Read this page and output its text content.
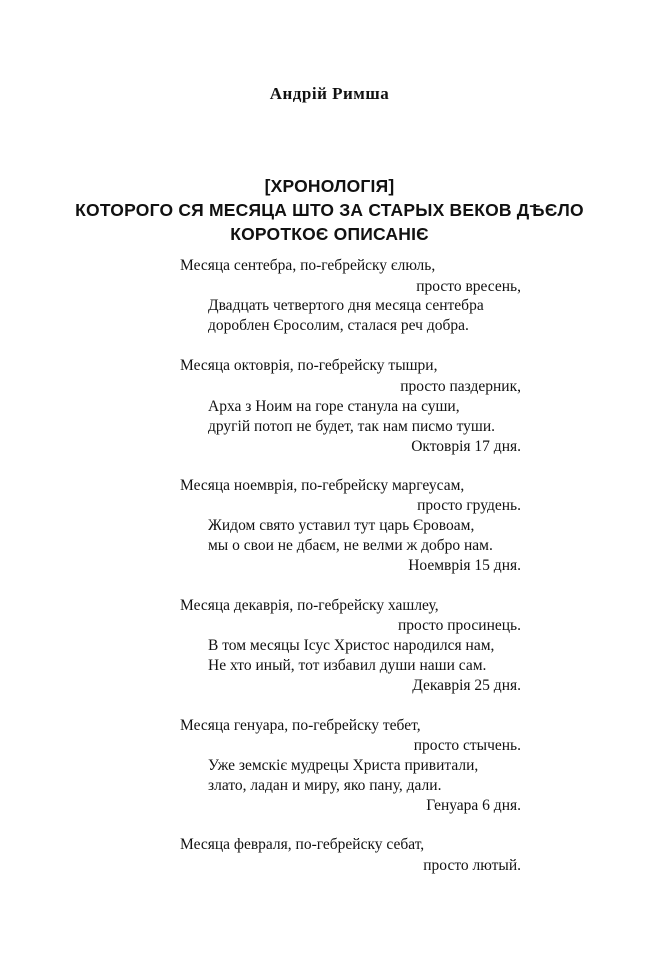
Андрій Римша
[ХРОНОЛОГІЯ]
КОТОРОГО СЯ МЕСЯЦА ШТО ЗА СТАРЫХ ВЕКОВ ДѢЄЛО
КОРОТКОЄ ОПИСАНІЄ
Месяца сентебра, по-гебрейску єлюль,
просто вресень,
Двадцать четвертого дня месяца сентебра
дороблен Єросолим, сталася реч добра.
Месяца октоврія, по-гебрейску тышри,
просто паздерник,
Арха з Ноим на горе станула на суши,
другій потоп не будет, так нам писмо туши.
Октоврія 17 дня.
Месяца ноемврія, по-гебрейску маргеусам,
просто грудень.
Жидом свято уставил тут царь Єровоам,
мы о свои не дбаєм, не велми ж добро нам.
Ноемврія 15 дня.
Месяца декаврія, по-гебрейску хашлеу,
просто просинець.
В том месяцы Ісус Христос народился нам,
Не хто иный, тот избавил души наши сам.
Декаврія 25 дня.
Месяца генуара, по-гебрейску тебет,
просто стычень.
Уже земскіє мудрецы Христа привитали,
злато, ладан и миру, яко пану, дали.
Генуара 6 дня.
Месяца февраля, по-гебрейску себат,
просто лютый.
